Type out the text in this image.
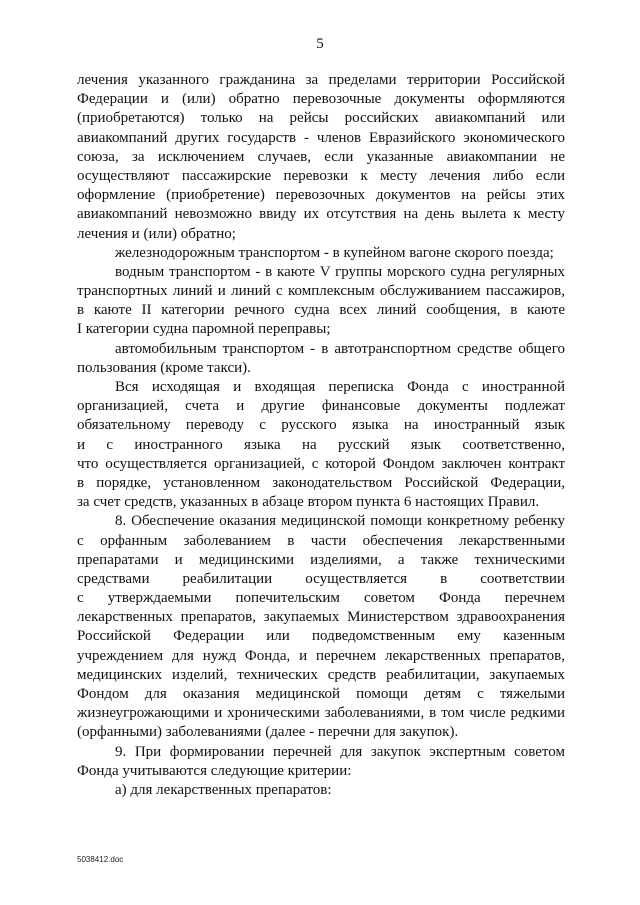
5
лечения указанного гражданина за пределами территории Российской
Федерации и (или) обратно перевозочные документы оформляются
(приобретаются) только на рейсы российских авиакомпаний или
авиакомпаний других государств - членов Евразийского экономического
союза, за исключением случаев, если указанные авиакомпании не
осуществляют пассажирские перевозки к месту лечения либо если
оформление (приобретение) перевозочных документов на рейсы этих
авиакомпаний невозможно ввиду их отсутствия на день вылета к месту
лечения и (или) обратно;
железнодорожным транспортом - в купейном вагоне скорого поезда;
водным транспортом - в каюте V группы морского судна регулярных
транспортных линий и линий с комплексным обслуживанием пассажиров,
в каюте II категории речного судна всех линий сообщения, в каюте
I категории судна паромной переправы;
автомобильным транспортом - в автотранспортном средстве общего
пользования (кроме такси).
Вся исходящая и входящая переписка Фонда с иностранной
организацией, счета и другие финансовые документы подлежат
обязательному переводу с русского языка на иностранный язык
и с иностранного языка на русский язык соответственно,
что осуществляется организацией, с которой Фондом заключен контракт
в порядке, установленном законодательством Российской Федерации,
за счет средств, указанных в абзаце втором пункта 6 настоящих Правил.
8. Обеспечение оказания медицинской помощи конкретному ребенку
с орфанным заболеванием в части обеспечения лекарственными
препаратами и медицинскими изделиями, а также техническими
средствами реабилитации осуществляется в соответствии
с утверждаемыми попечительским советом Фонда перечнем
лекарственных препаратов, закупаемых Министерством здравоохранения
Российской Федерации или подведомственным ему казенным
учреждением для нужд Фонда, и перечнем лекарственных препаратов,
медицинских изделий, технических средств реабилитации, закупаемых
Фондом для оказания медицинской помощи детям с тяжелыми
жизнеугрожающими и хроническими заболеваниями, в том числе редкими
(орфанными) заболеваниями (далее - перечни для закупок).
9. При формировании перечней для закупок экспертным советом
Фонда учитываются следующие критерии:
а) для лекарственных препаратов:
5038412.doc
